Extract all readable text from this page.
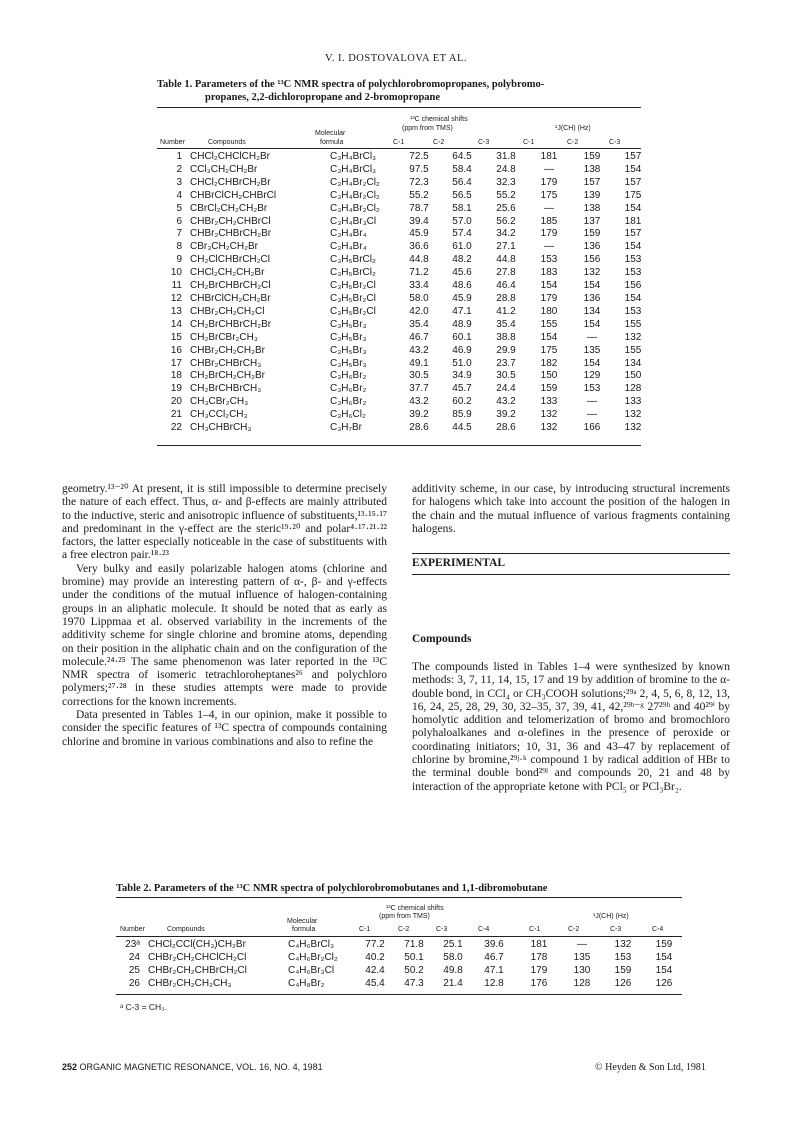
V. I. DOSTOVALOVA ET AL.
Table 1. Parameters of the ¹³C NMR spectra of polychlorobromopropanes, polybromo-
propanes, 2,2-dichloropropane and 2-bromopropane
¹³C chemical shifts
(ppm from TMS)	¹J(CH) (Hz)
Molecular
Number	Compounds	formula	C-1	C-2	C-3	C-1	C-2	C-3
1	CHCl₂CHClCH₂Br	C₃H₄BrCl₃	72.5	64.5	31.8	181	159	157
2	CCl₃CH₂CH₂Br	C₃H₄BrCl₃	97.5	58.4	24.8	—	138	154
3	CHCl₂CHBrCH₂Br	C₃H₄Br₂Cl₂	72.3	56.4	32.3	179	157	157
4	CHBrClCH₂CHBrCl	C₃H₄Br₂Cl₂	55.2	56.5	55.2	175	139	175
5	CBrCl₂CH₂CH₂Br	C₃H₄Br₂Cl₂	78.7	58.1	25.6	—	138	154
6	CHBr₂CH₂CHBrCl	C₃H₄Br₃Cl	39.4	57.0	56.2	185	137	181
7	CHBr₂CHBrCH₂Br	C₃H₄Br₄	45.9	57.4	34.2	179	159	157
8	CBr₃CH₂CH₂Br	C₃H₄Br₄	36.6	61.0	27.1	—	136	154
9	CH₂ClCHBrCH₂Cl	C₃H₅BrCl₂	44.8	48.2	44.8	153	156	153
10	CHCl₂CH₂CH₂Br	C₃H₅BrCl₂	71.2	45.6	27.8	183	132	153
11	CH₂BrCHBrCH₂Cl	C₃H₅Br₂Cl	33.4	48.6	46.4	154	154	156
12	CHBrClCH₂CH₂Br	C₃H₅Br₂Cl	58.0	45.9	28.8	179	136	154
13	CHBr₂CH₂CH₂Cl	C₃H₅Br₂Cl	42.0	47.1	41.2	180	134	153
14	CH₂BrCHBrCH₂Br	C₃H₅Br₃	35.4	48.9	35.4	155	154	155
15	CH₂BrCBr₂CH₃	C₃H₅Br₃	46.7	60.1	38.8	154	—	132
16	CHBr₂CH₂CH₂Br	C₃H₅Br₃	43.2	46.9	29.9	175	135	155
17	CHBr₂CHBrCH₃	C₃H₅Br₃	49.1	51.0	23.7	182	154	134
18	CH₂BrCH₂CH₂Br	C₃H₆Br₂	30.5	34.9	30.5	150	129	150
19	CH₂BrCHBrCH₃	C₃H₆Br₂	37.7	45.7	24.4	159	153	128
20	CH₃CBr₂CH₃	C₃H₆Br₂	43.2	60.2	43.2	133	—	133
21	CH₃CCl₂CH₃	C₃H₆Cl₂	39.2	85.9	39.2	132	—	132
22	CH₃CHBrCH₃	C₃H₇Br	28.6	44.5	28.6	132	166	132

geometry.¹³⁻²⁰ At present, it is still impossible to determine precisely the nature of each effect. Thus, α- and β-effects are mainly attributed to the inductive, steric and anisotropic influence of substituents,¹³·¹⁵·¹⁷ and predominant in the γ-effect are the steric¹⁹·²⁰ and polar⁴·¹⁷·²¹·²² factors, the latter especially noticeable in the case of substituents with a free electron pair.¹⁸·²³

Very bulky and easily polarizable halogen atoms (chlorine and bromine) may provide an interesting pattern of α-, β- and γ-effects under the conditions of the mutual influence of halogen-containing groups in an aliphatic molecule. It should be noted that as early as 1970 Lippmaa et al. observed variability in the increments of the additivity scheme for single chlorine and bromine atoms, depending on their position in the aliphatic chain and on the configuration of the molecule.²⁴·²⁵ The same phenomenon was later reported in the ¹³C NMR spectra of isomeric tetrachloroheptanes²⁶ and polychloro polymers;²⁷·²⁸ in these studies attempts were made to provide corrections for the known increments.

Data presented in Tables 1–4, in our opinion, make it possible to consider the specific features of ¹³C spectra of compounds containing chlorine and bromine in various combinations and also to refine the

additivity scheme, in our case, by introducing structural increments for halogens which take into account the position of the halogen in the chain and the mutual influence of various fragments containing halogens.

EXPERIMENTAL
Compounds
The compounds listed in Tables 1–4 were synthesized by known methods: 3, 7, 11, 14, 15, 17 and 19 by addition of bromine to the α-double bond, in CCl₄ or CH₃COOH solutions;²⁹ᵃ 2, 4, 5, 6, 8, 12, 13, 16, 24, 25, 28, 29, 30, 32–35, 37, 39, 41, 42,²⁹ᵇ⁻ᵍ 27²⁹ʰ and 40²⁹ⁱ by homolytic addition and telomerization of bromo and bromochloro polyhaloalkanes and α-olefines in the presence of peroxide or coordinating initiators; 10, 31, 36 and 43–47 by replacement of chlorine by bromine,²⁹ʲ·ᵏ compound 1 by radical addition of HBr to the terminal double bond²⁹ˡ and compounds 20, 21 and 48 by interaction of the appropriate ketone with PCl₅ or PCl₃Br₂.
Table 2. Parameters of the ¹³C NMR spectra of polychlorobromobutanes and 1,1-dibromobutane
¹³C chemical shifts
(ppm from TMS)	¹J(CH) (Hz)
Molecular
Number	Compounds	formula	C-1	C-2	C-3	C-4	C-1	C-2	C-3	C-4
23ᵃ	CHCl₂CCl(CH₃)CH₂Br	C₄H₆BrCl₃	77.2	71.8	25.1	39.6	181	—	132	159
24	CHBr₂CH₂CHClCH₂Cl	C₄H₆Br₂Cl₂	40.2	50.1	58.0	46.7	178	135	153	154
25	CHBr₂CH₂CHBrCH₂Cl	C₄H₆Br₃Cl	42.4	50.2	49.8	47.1	179	130	159	154
26	CHBr₂CH₂CH₂CH₃	C₄H₈Br₂	45.4	47.3	21.4	12.8	176	128	126	126
ᵃ C-3 = CH₃.
252 ORGANIC MAGNETIC RESONANCE, VOL. 16, NO. 4, 1981	© Heyden & Son Ltd, 1981
